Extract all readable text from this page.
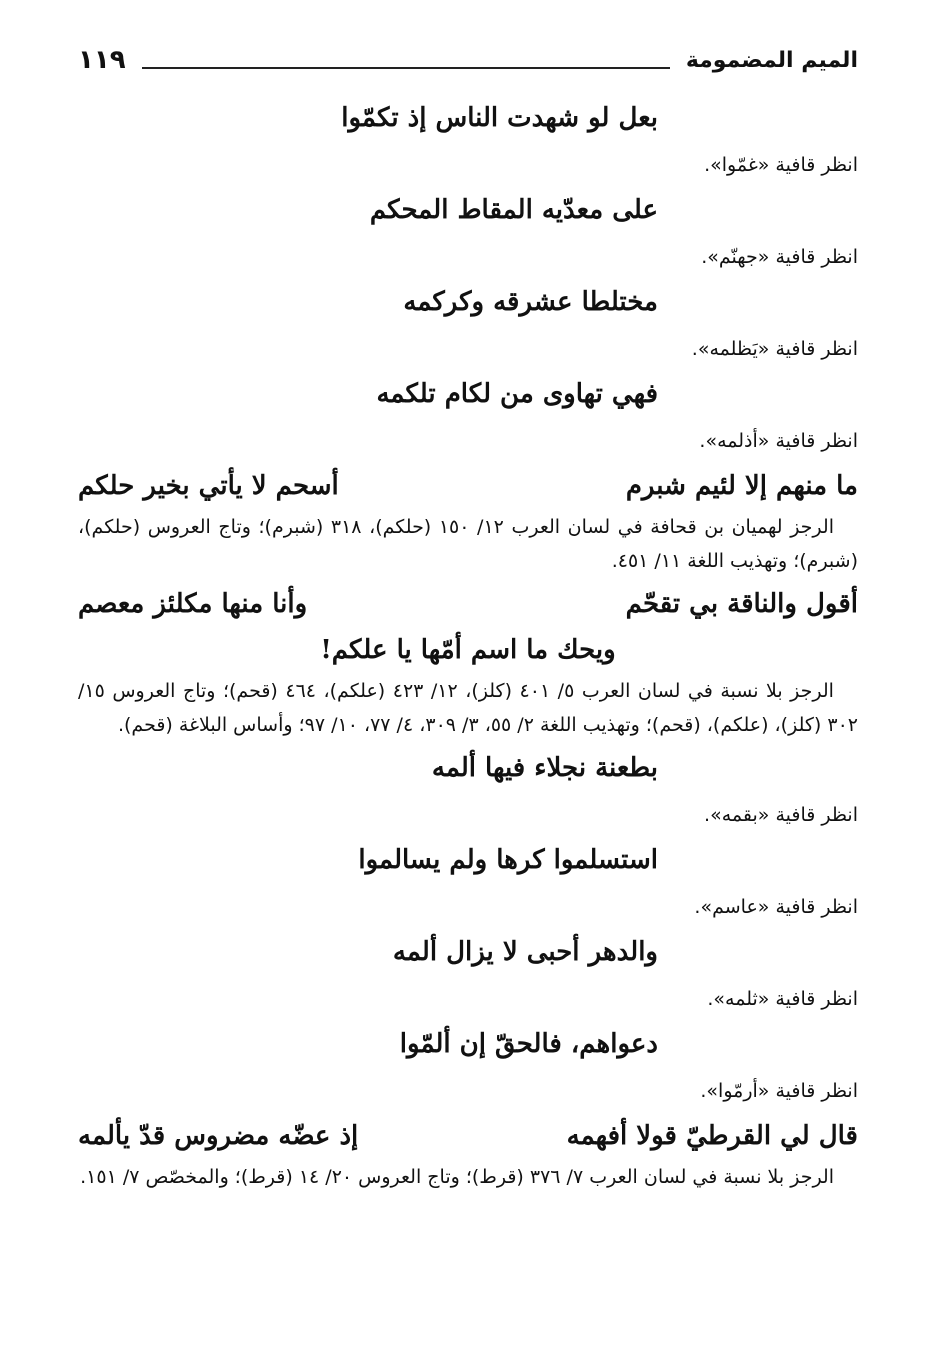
الميم المضمومة
١١٩
بعل لو شهدت الناس إذ تكمّوا
انظر قافية «غمّوا».
على معدّيه المقاط المحكم
انظر قافية «جهنّم».
مختلطا عشرقه وكركمه
انظر قافية «يَظلمه».
فهي تهاوى من لكام تلكمه
انظر قافية «أذلمه».
ما منهم إلا لئيم شبرم
أسحم لا يأتي بخير حلكم
الرجز لهميان بن قحافة في لسان العرب ١٢/ ١٥٠ (حلكم)، ٣١٨ (شبرم)؛ وتاج العروس (حلكم)، (شبرم)؛ وتهذيب اللغة ١١/ ٤٥١.
أقول والناقة بي تقحّم
وأنا منها مكلئز معصم
ويحك ما اسم أمّها يا علكم!
الرجز بلا نسبة في لسان العرب ٥/ ٤٠١ (كلز)، ١٢/ ٤٢٣ (علكم)، ٤٦٤ (قحم)؛ وتاج العروس ١٥/ ٣٠٢ (كلز)، (علكم)، (قحم)؛ وتهذيب اللغة ٢/ ٥٥، ٣/ ٣٠٩، ٤/ ٧٧، ١٠/ ٩٧؛ وأساس البلاغة (قحم).
بطعنة نجلاء فيها ألمه
انظر قافية «بقمه».
استسلموا كرها ولم يسالموا
انظر قافية «عاسم».
والدهر أحبى لا يزال ألمه
انظر قافية «ثلمه».
دعواهم، فالحقّ إن ألمّوا
انظر قافية «أرمّوا».
قال لي القرطيّ قولا أفهمه
إذ عضّه مضروس قدّ يألمه
الرجز بلا نسبة في لسان العرب ٧/ ٣٧٦ (قرط)؛ وتاج العروس ٢٠/ ١٤ (قرط)؛ والمخصّص ٧/ ١٥١.
